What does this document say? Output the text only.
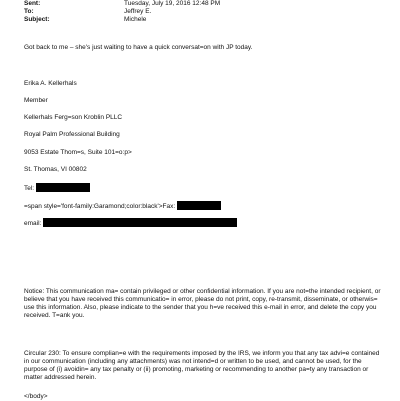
Sent:	Tuesday, July 19, 2016 12:48 PM
To:	Jeffrey E.
Subject:	Michele
Got back to me – she's just waiting to have a quick conversat=on with JP today.
Erika A. Kellerhals
Member
Kellerhals Ferg=son Kroblin PLLC
Royal Palm Professional Building
9053 Estate Thom=s, Suite 101=o:p>
St. Thomas, VI 00802
Tel:
=span style='font-family:Garamond;color:black'>Fax:
email:
Notice: This communication ma= contain privileged or other confidential information. If you are not=the intended recipient, or believe that you have received this communicatio= in error, please do not print, copy, re-transmit, disseminate, or otherwis= use this information. Also, please indicate to the sender that you h=ve received this e-mail in error, and delete the copy you received. T=ank you.
Circular 230: To ensure complian=e with the requirements imposed by the IRS, we inform you that any tax advi=e contained in our communication (including any attachments) was not intend=d or written to be used, and cannot be used, for the purpose of (i) avoidin= any tax penalty or (ii) promoting, marketing or recommending to another pa=ty any transaction or matter addressed herein.
</body>
